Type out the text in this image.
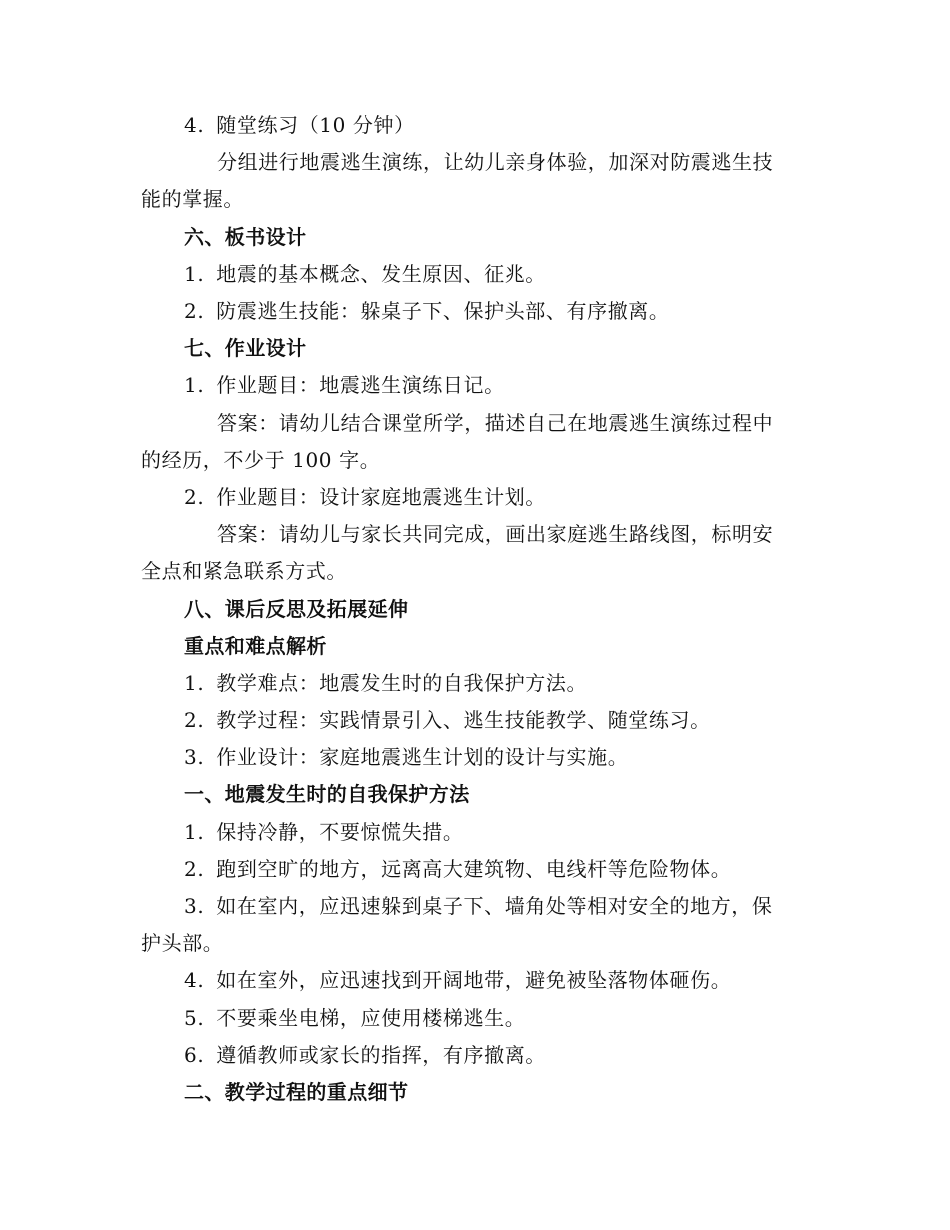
4. 随堂练习（10 分钟）

分组进行地震逃生演练，让幼儿亲身体验，加深对防震逃生技
能的掌握。

六、板书设计

1. 地震的基本概念、发生原因、征兆。

2. 防震逃生技能：躲桌子下、保护头部、有序撤离。

七、作业设计

1. 作业题目：地震逃生演练日记。

答案：请幼儿结合课堂所学，描述自己在地震逃生演练过程中
的经历，不少于 100 字。

2. 作业题目：设计家庭地震逃生计划。

答案：请幼儿与家长共同完成，画出家庭逃生路线图，标明安
全点和紧急联系方式。

八、课后反思及拓展延伸

重点和难点解析

1. 教学难点：地震发生时的自我保护方法。

2. 教学过程：实践情景引入、逃生技能教学、随堂练习。

3. 作业设计：家庭地震逃生计划的设计与实施。

一、地震发生时的自我保护方法

1. 保持冷静，不要惊慌失措。

2. 跑到空旷的地方，远离高大建筑物、电线杆等危险物体。

3. 如在室内，应迅速躲到桌子下、墙角处等相对安全的地方，保
护头部。

4. 如在室外，应迅速找到开阔地带，避免被坠落物体砸伤。

5. 不要乘坐电梯，应使用楼梯逃生。

6. 遵循教师或家长的指挥，有序撤离。

二、教学过程的重点细节
